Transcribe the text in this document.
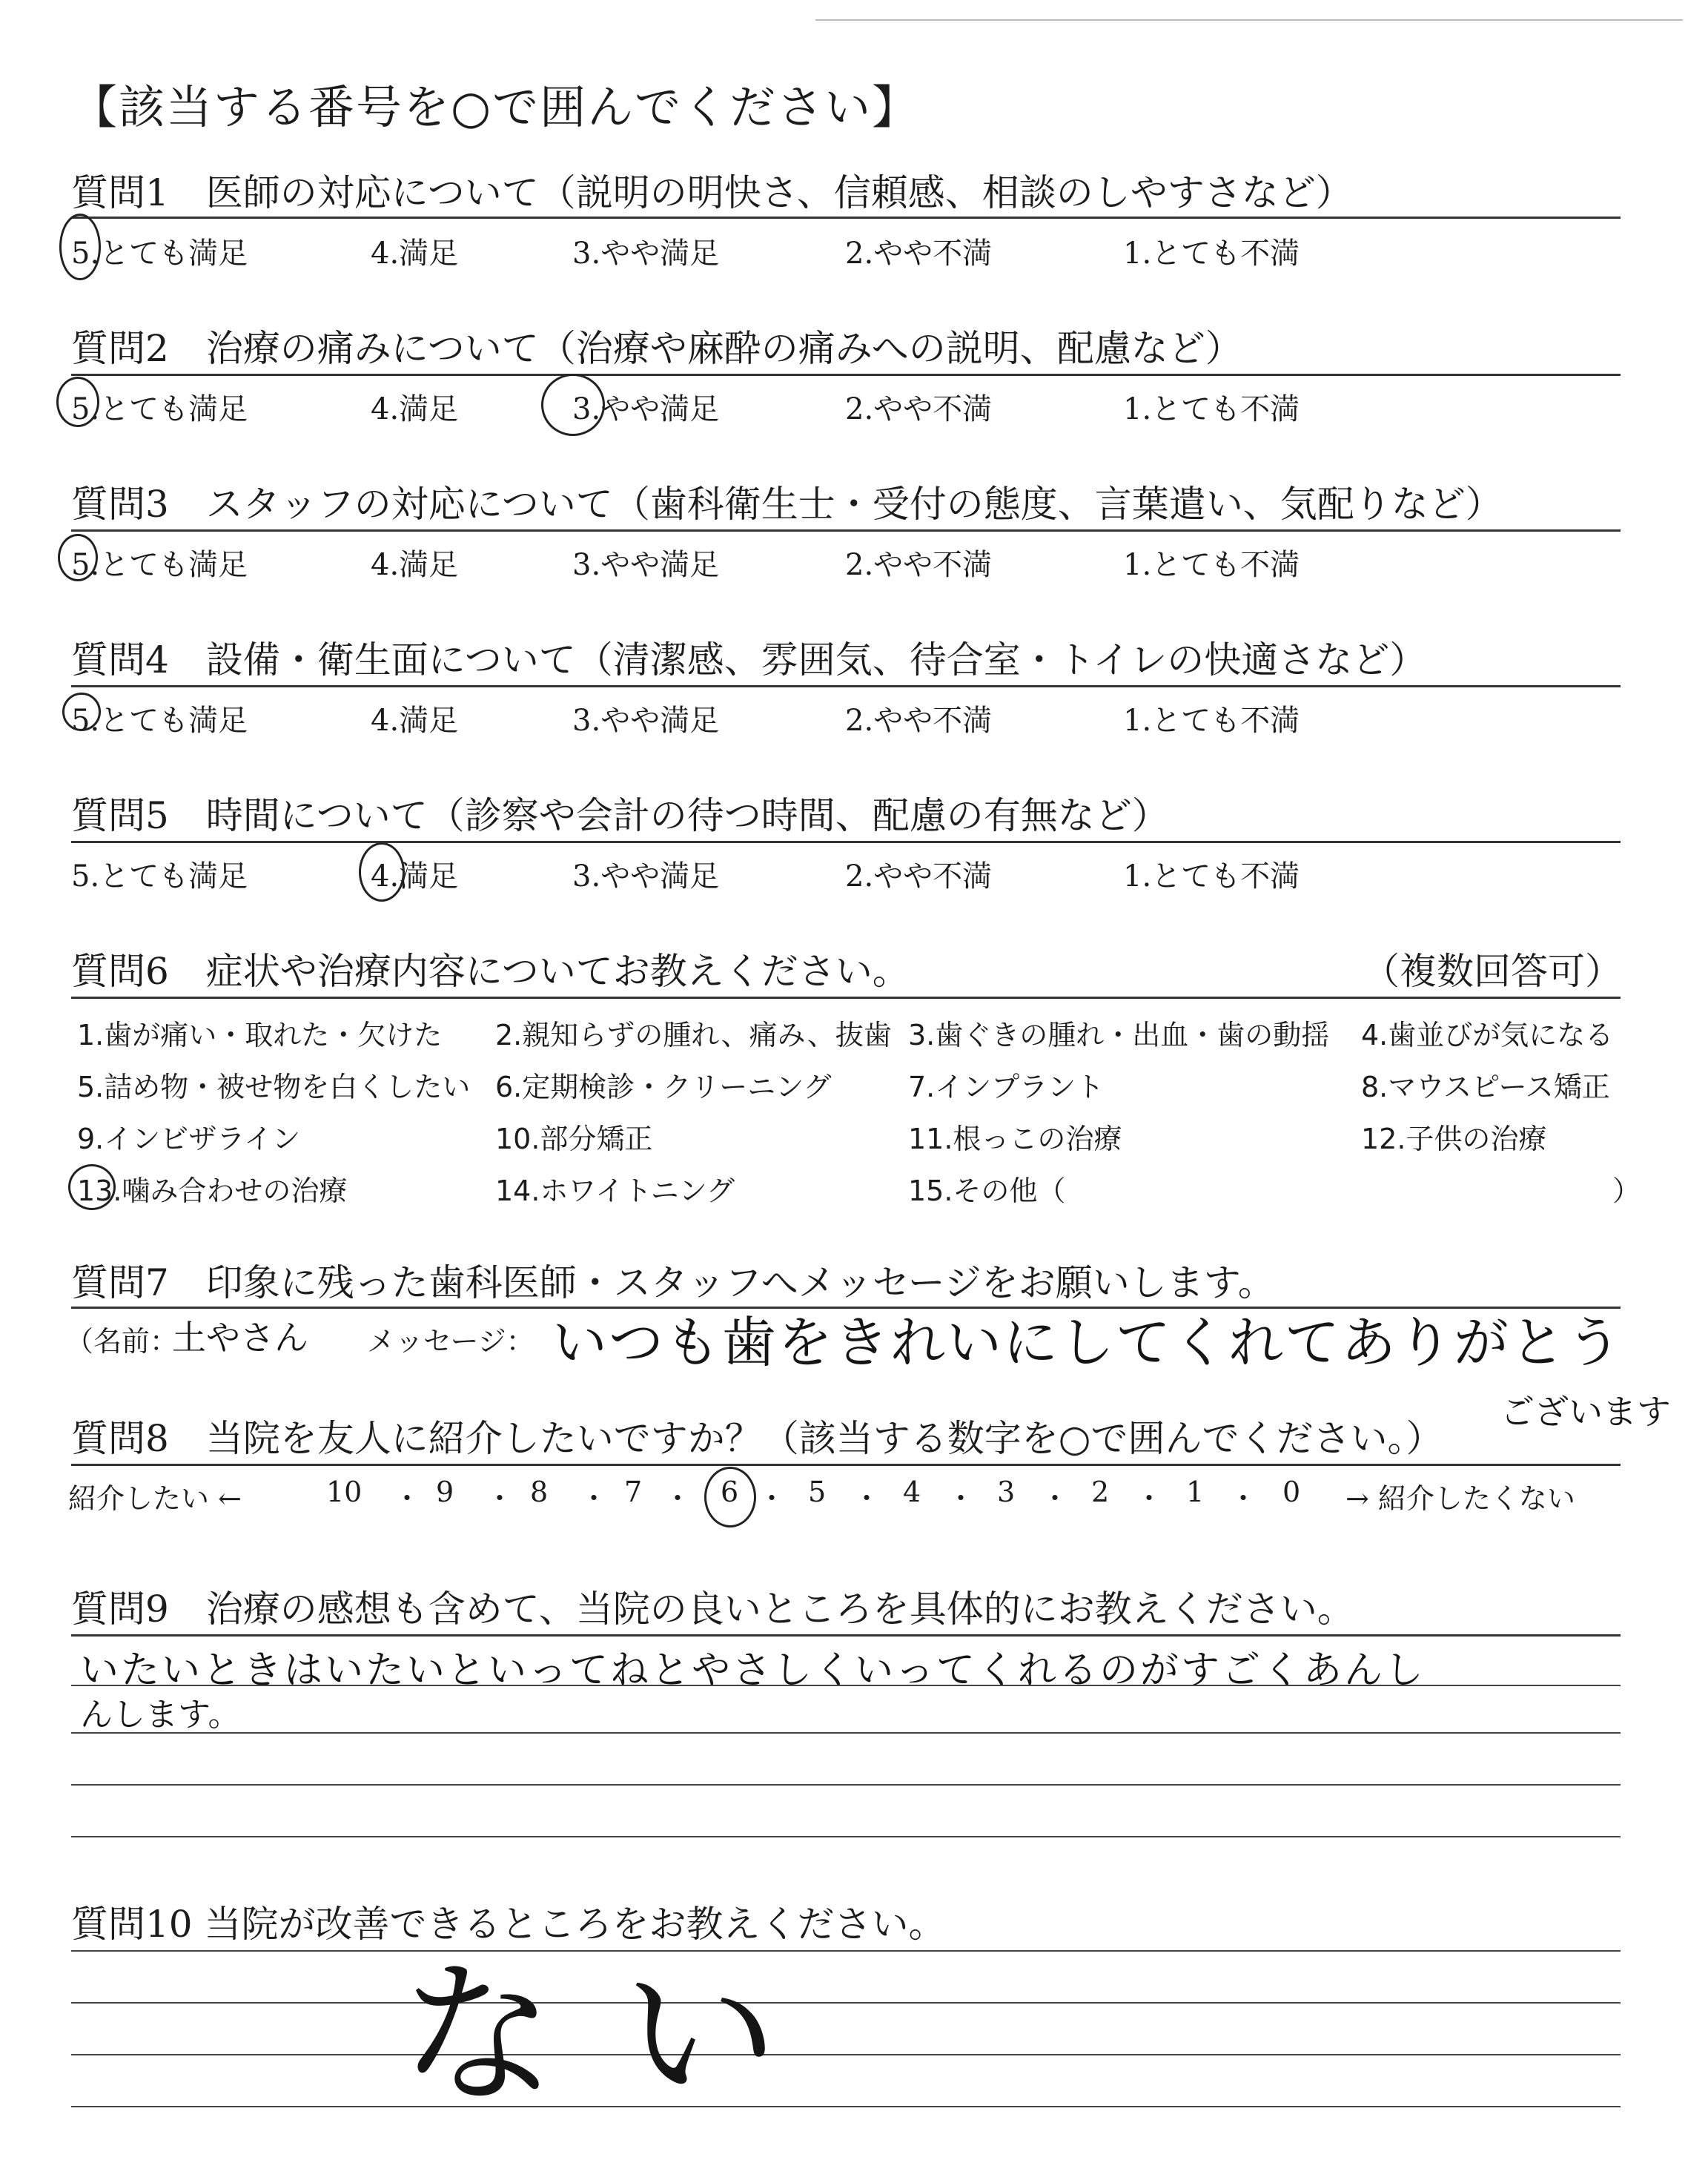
【該当する番号を○で囲んでください】
質問1　医師の対応について（説明の明快さ、信頼感、相談のしやすさなど）
5.とても満足	4.満足	3.やや満足	2.やや不満	1.とても不満
質問2　治療の痛みについて（治療や麻酔の痛みへの説明、配慮など）
5.とても満足	4.満足	3.やや満足	2.やや不満	1.とても不満
質問3　スタッフの対応について（歯科衛生士・受付の態度、言葉遣い、気配りなど）
5.とても満足	4.満足	3.やや満足	2.やや不満	1.とても不満
質問4　設備・衛生面について（清潔感、雰囲気、待合室・トイレの快適さなど）
5.とても満足	4.満足	3.やや満足	2.やや不満	1.とても不満
質問5　時間について（診察や会計の待つ時間、配慮の有無など）
5.とても満足	4.満足	3.やや満足	2.やや不満	1.とても不満
質問6　症状や治療内容についてお教えください。	（複数回答可）
1.歯が痛い・取れた・欠けた 2.親知らずの腫れ、痛み、抜歯 3.歯ぐきの腫れ・出血・歯の動揺 4.歯並びが気になる
5.詰め物・被せ物を白くしたい 6.定期検診・クリーニング	7.インプラント	8.マウスピース矯正
9.インビザライン	10.部分矯正	11.根っこの治療	12.子供の治療
13.噛み合わせの治療	14.ホワイトニング	15.その他（	）
質問7　印象に残った歯科医師・スタッフへメッセージをお願いします。
（名前：
土やさん メッセージ： いつも歯をきれいにしてくれてありがとう
ございます
質問8　当院を友人に紹介したいですか？（該当する数字を○で囲んでください。）
紹介したい ←	→ 紹介したくない
10 ・ 9 ・ 8 ・ 7 ・ 6 ・ 5 ・ 4 ・ 3 ・ 2 ・ 1 ・ 0
質問9　治療の感想も含めて、当院の良いところを具体的にお教えください。
いたいときはいたいといってねとやさしくいってくれるのがすごくあんし
んします。
質問10 当院が改善できるところをお教えください。
ない
